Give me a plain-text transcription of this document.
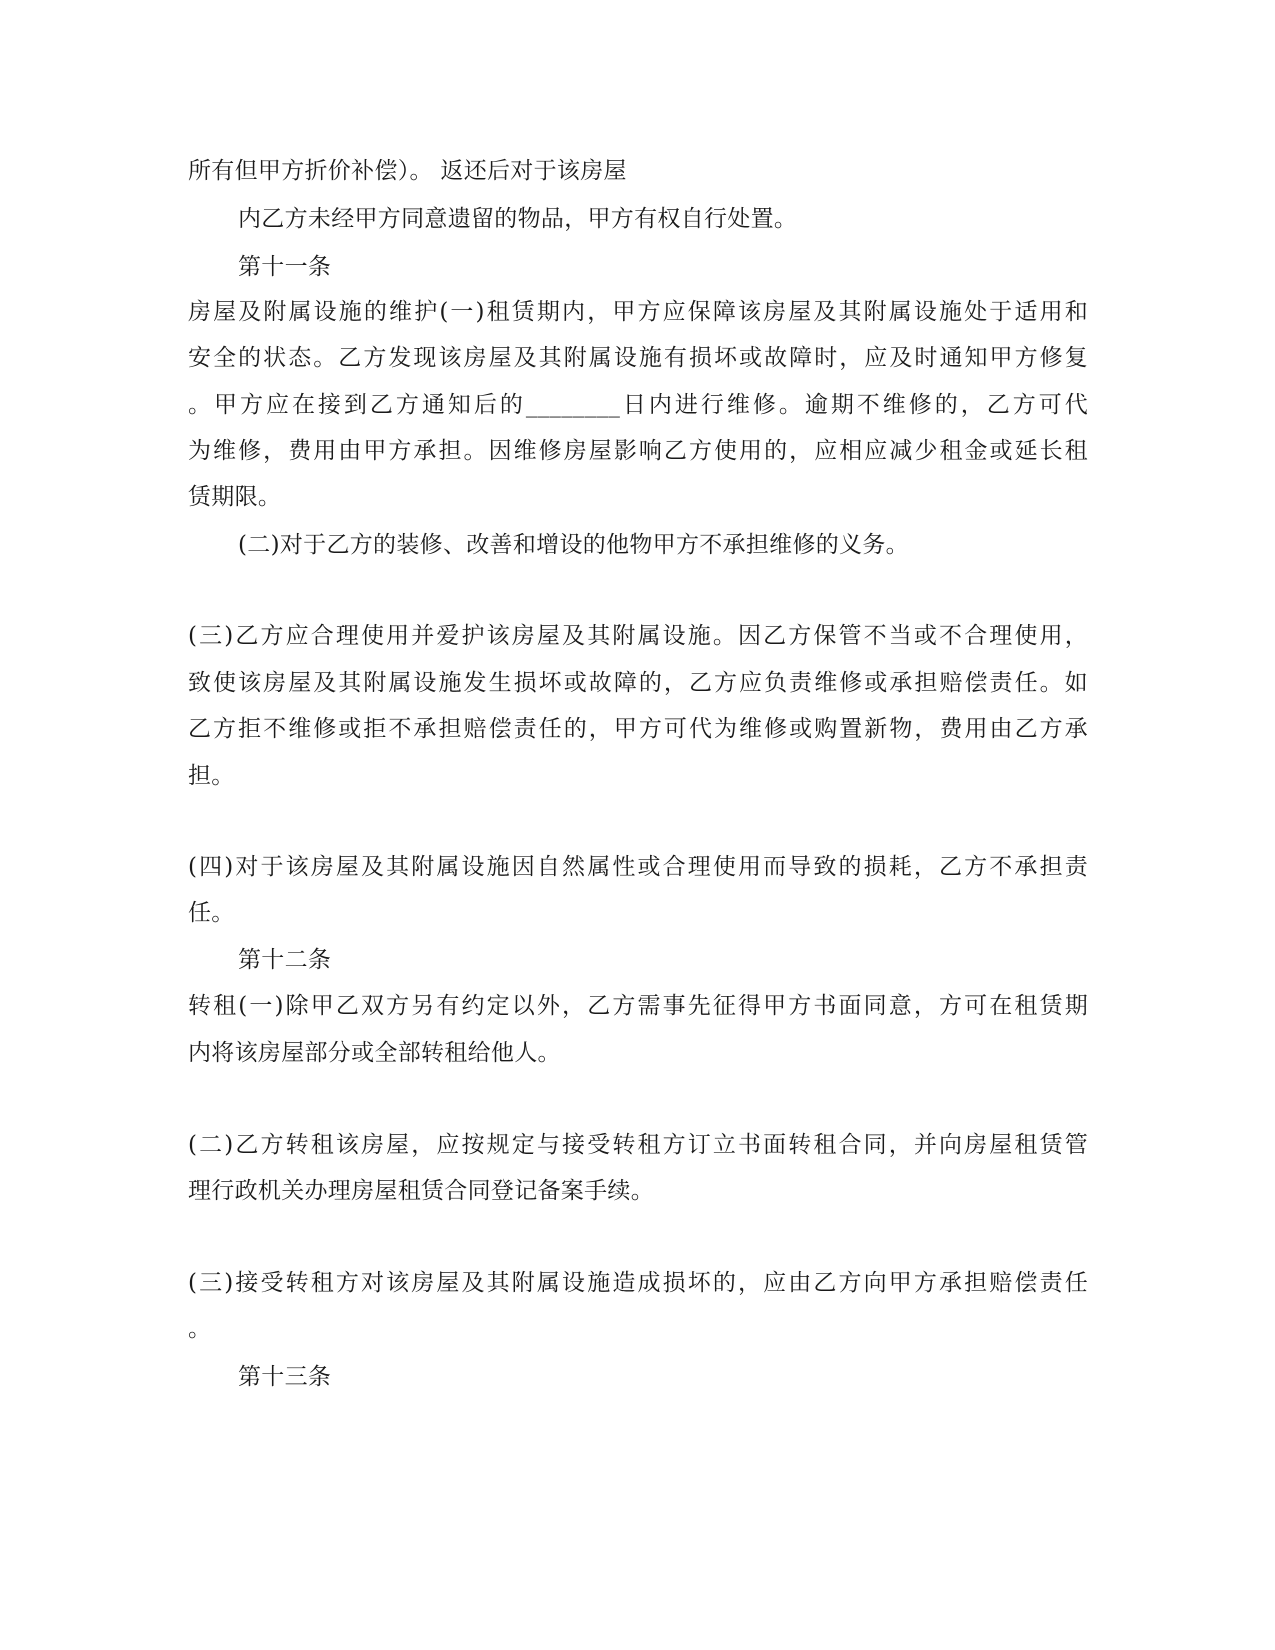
所有但甲方折价补偿）。 返还后对于该房屋
内乙方未经甲方同意遗留的物品，甲方有权自行处置。
第十一条
房屋及附属设施的维护(一)租赁期内，甲方应保障该房屋及其附属设施处于适用和
安全的状态。乙方发现该房屋及其附属设施有损坏或故障时，应及时通知甲方修复
。甲方应在接到乙方通知后的________日内进行维修。逾期不维修的，乙方可代
为维修，费用由甲方承担。因维修房屋影响乙方使用的，应相应减少租金或延长租
赁期限。
(二)对于乙方的装修、改善和增设的他物甲方不承担维修的义务。
(三)乙方应合理使用并爱护该房屋及其附属设施。因乙方保管不当或不合理使用，
致使该房屋及其附属设施发生损坏或故障的，乙方应负责维修或承担赔偿责任。如
乙方拒不维修或拒不承担赔偿责任的，甲方可代为维修或购置新物，费用由乙方承
担。
(四)对于该房屋及其附属设施因自然属性或合理使用而导致的损耗，乙方不承担责
任。
第十二条
转租(一)除甲乙双方另有约定以外，乙方需事先征得甲方书面同意，方可在租赁期
内将该房屋部分或全部转租给他人。
(二)乙方转租该房屋，应按规定与接受转租方订立书面转租合同，并向房屋租赁管
理行政机关办理房屋租赁合同登记备案手续。
(三)接受转租方对该房屋及其附属设施造成损坏的，应由乙方向甲方承担赔偿责任
。
第十三条
